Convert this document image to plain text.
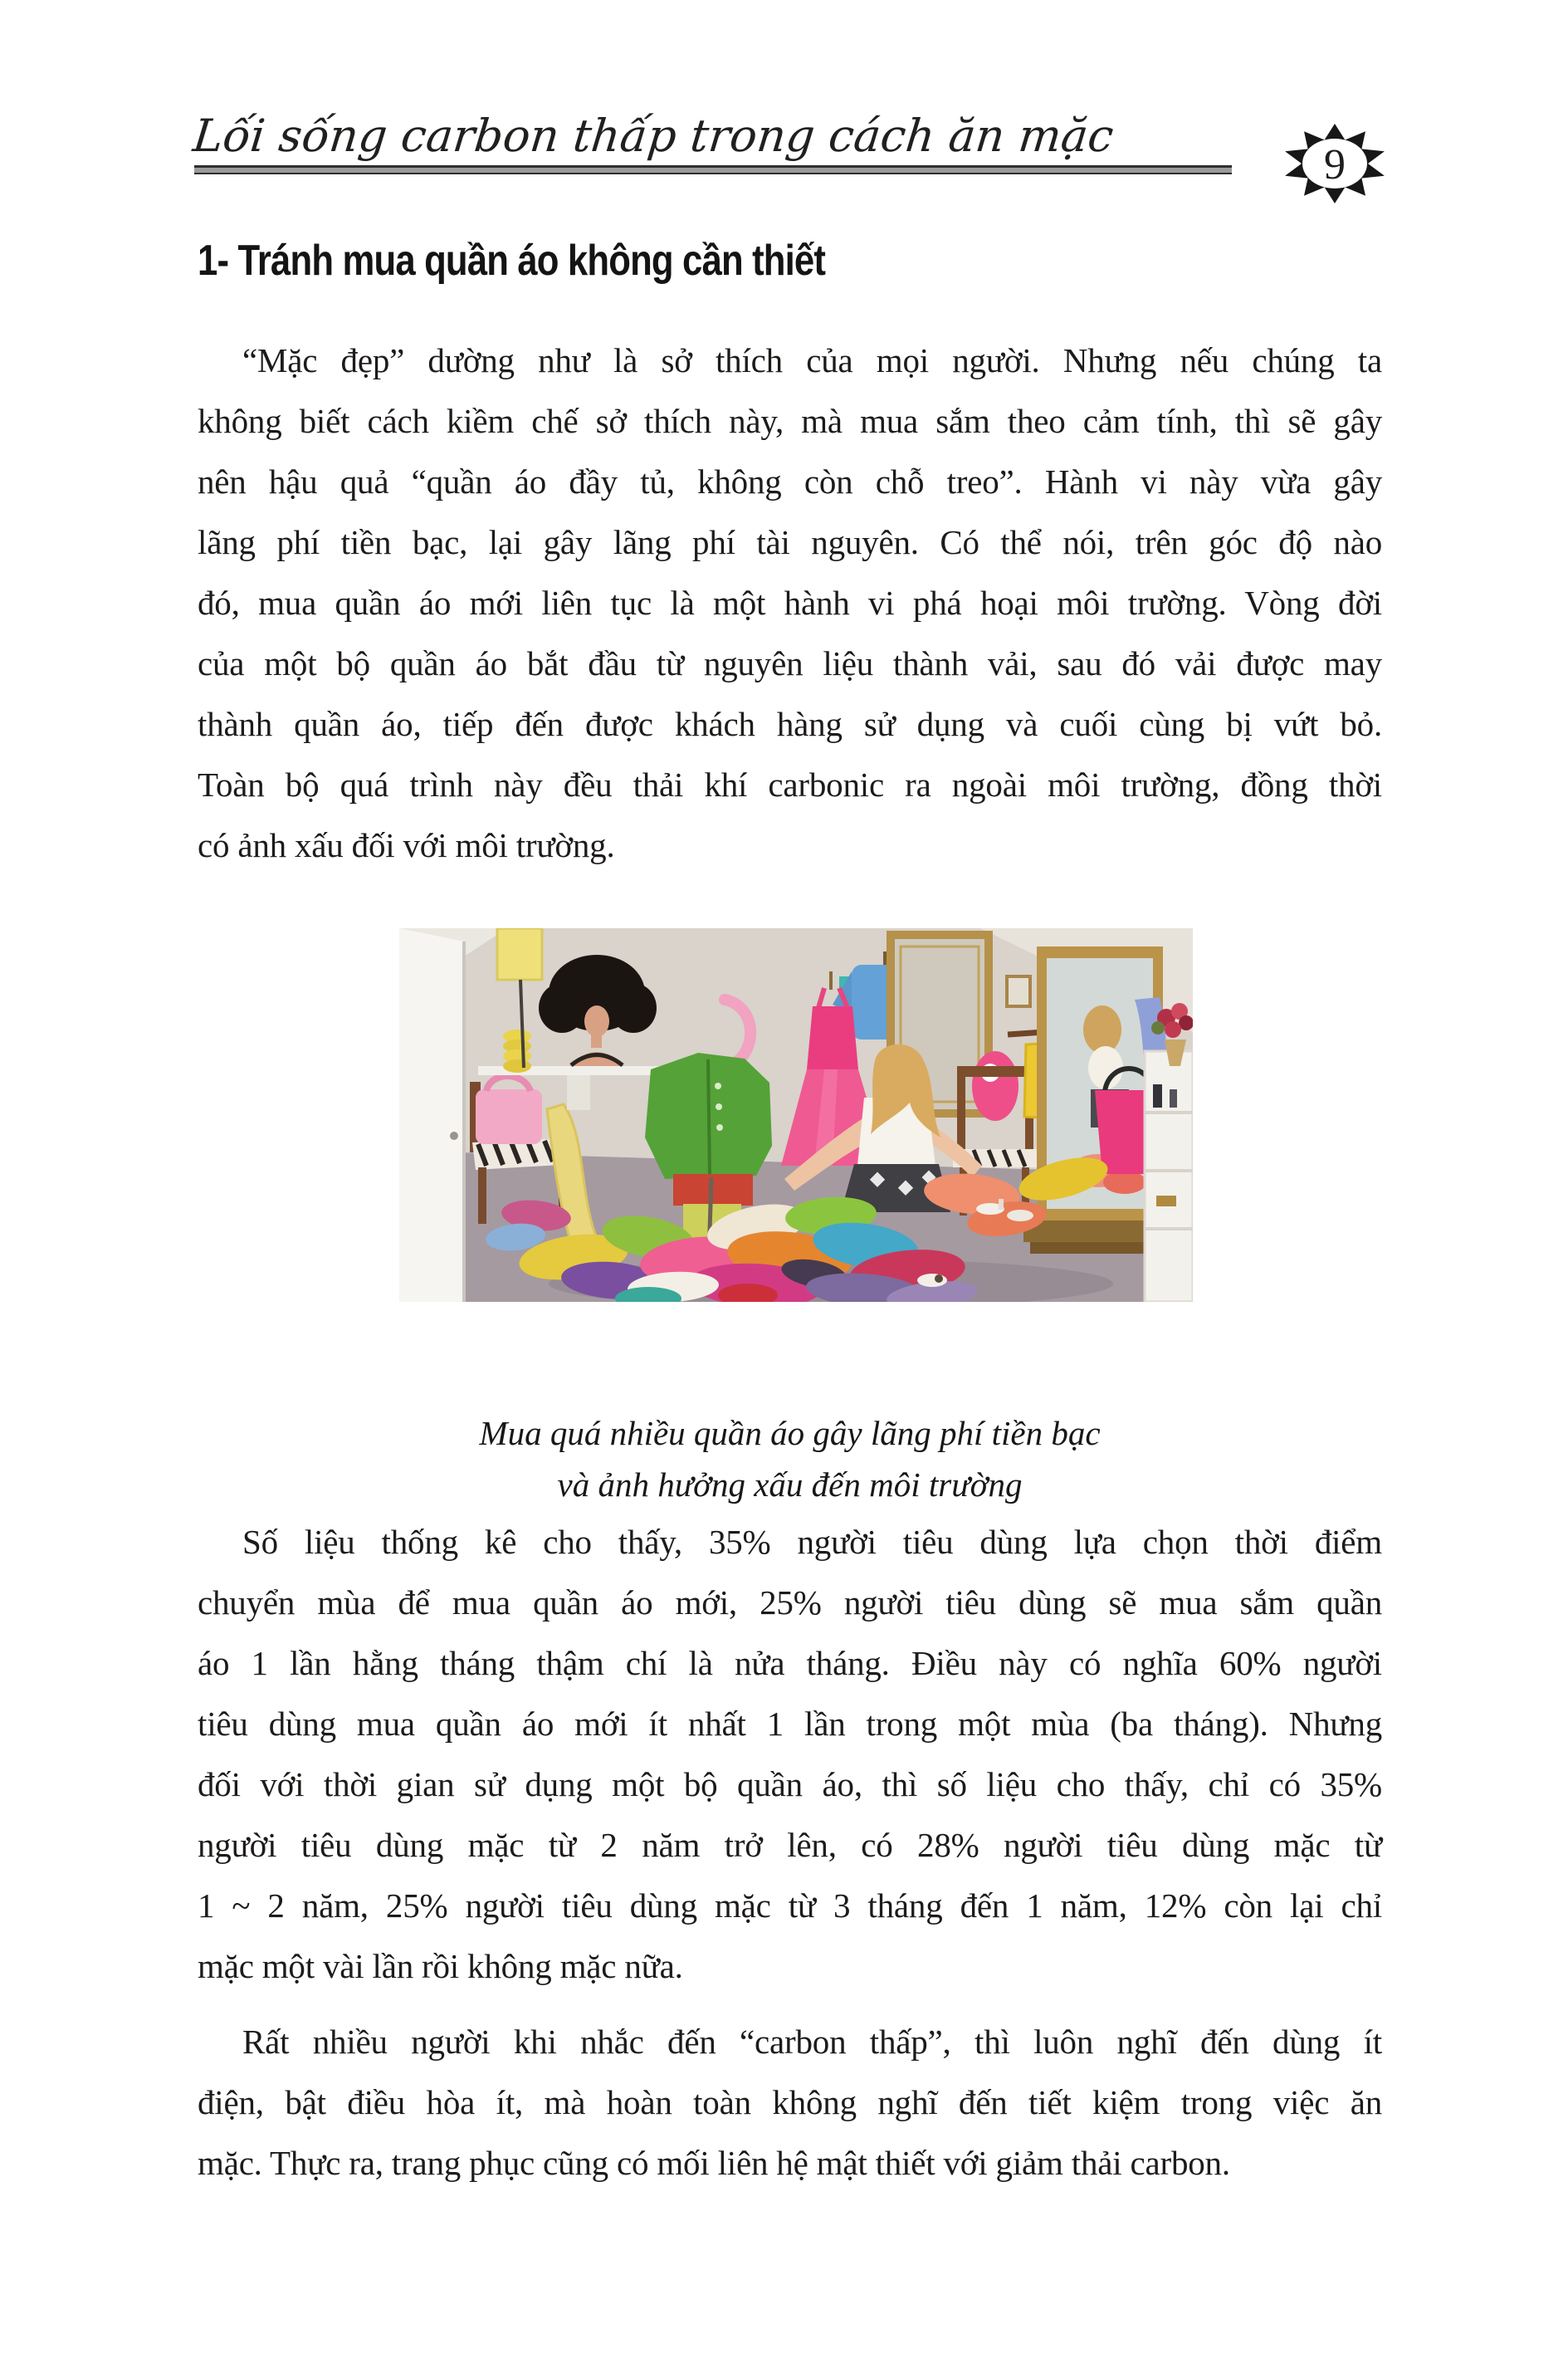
Lối sống carbon thấp trong cách ăn mặc
9
1- Tránh mua quần áo không cần thiết
“Mặc đẹp” dường như là sở thích của mọi người. Nhưng nếu chúng ta
không biết cách kiềm chế sở thích này, mà mua sắm theo cảm tính, thì sẽ gây
nên hậu quả “quần áo đầy tủ, không còn chỗ treo”. Hành vi này vừa gây
lãng phí tiền bạc, lại gây lãng phí tài nguyên. Có thể nói, trên góc độ nào
đó, mua quần áo mới liên tục là một hành vi phá hoại môi trường. Vòng đời
của một bộ quần áo bắt đầu từ nguyên liệu thành vải, sau đó vải được may
thành quần áo, tiếp đến được khách hàng sử dụng và cuối cùng bị vứt bỏ.
Toàn bộ quá trình này đều thải khí carbonic ra ngoài môi trường, đồng thời
có ảnh xấu đối với môi trường.
Mua quá nhiều quần áo gây lãng phí tiền bạc
và ảnh hưởng xấu đến môi trường
Số liệu thống kê cho thấy, 35% người tiêu dùng lựa chọn thời điểm
chuyển mùa để mua quần áo mới, 25% người tiêu dùng sẽ mua sắm quần
áo 1 lần hằng tháng thậm chí là nửa tháng. Điều này có nghĩa 60% người
tiêu dùng mua quần áo mới ít nhất 1 lần trong một mùa (ba tháng). Nhưng
đối với thời gian sử dụng một bộ quần áo, thì số liệu cho thấy, chỉ có 35%
người tiêu dùng mặc từ 2 năm trở lên, có 28% người tiêu dùng mặc từ
1 ~ 2 năm, 25% người tiêu dùng mặc từ 3 tháng đến 1 năm, 12% còn lại chỉ
mặc một vài lần rồi không mặc nữa.
Rất nhiều người khi nhắc đến “carbon thấp”, thì luôn nghĩ đến dùng ít
điện, bật điều hòa ít, mà hoàn toàn không nghĩ đến tiết kiệm trong việc ăn
mặc. Thực ra, trang phục cũng có mối liên hệ mật thiết với giảm thải carbon.
